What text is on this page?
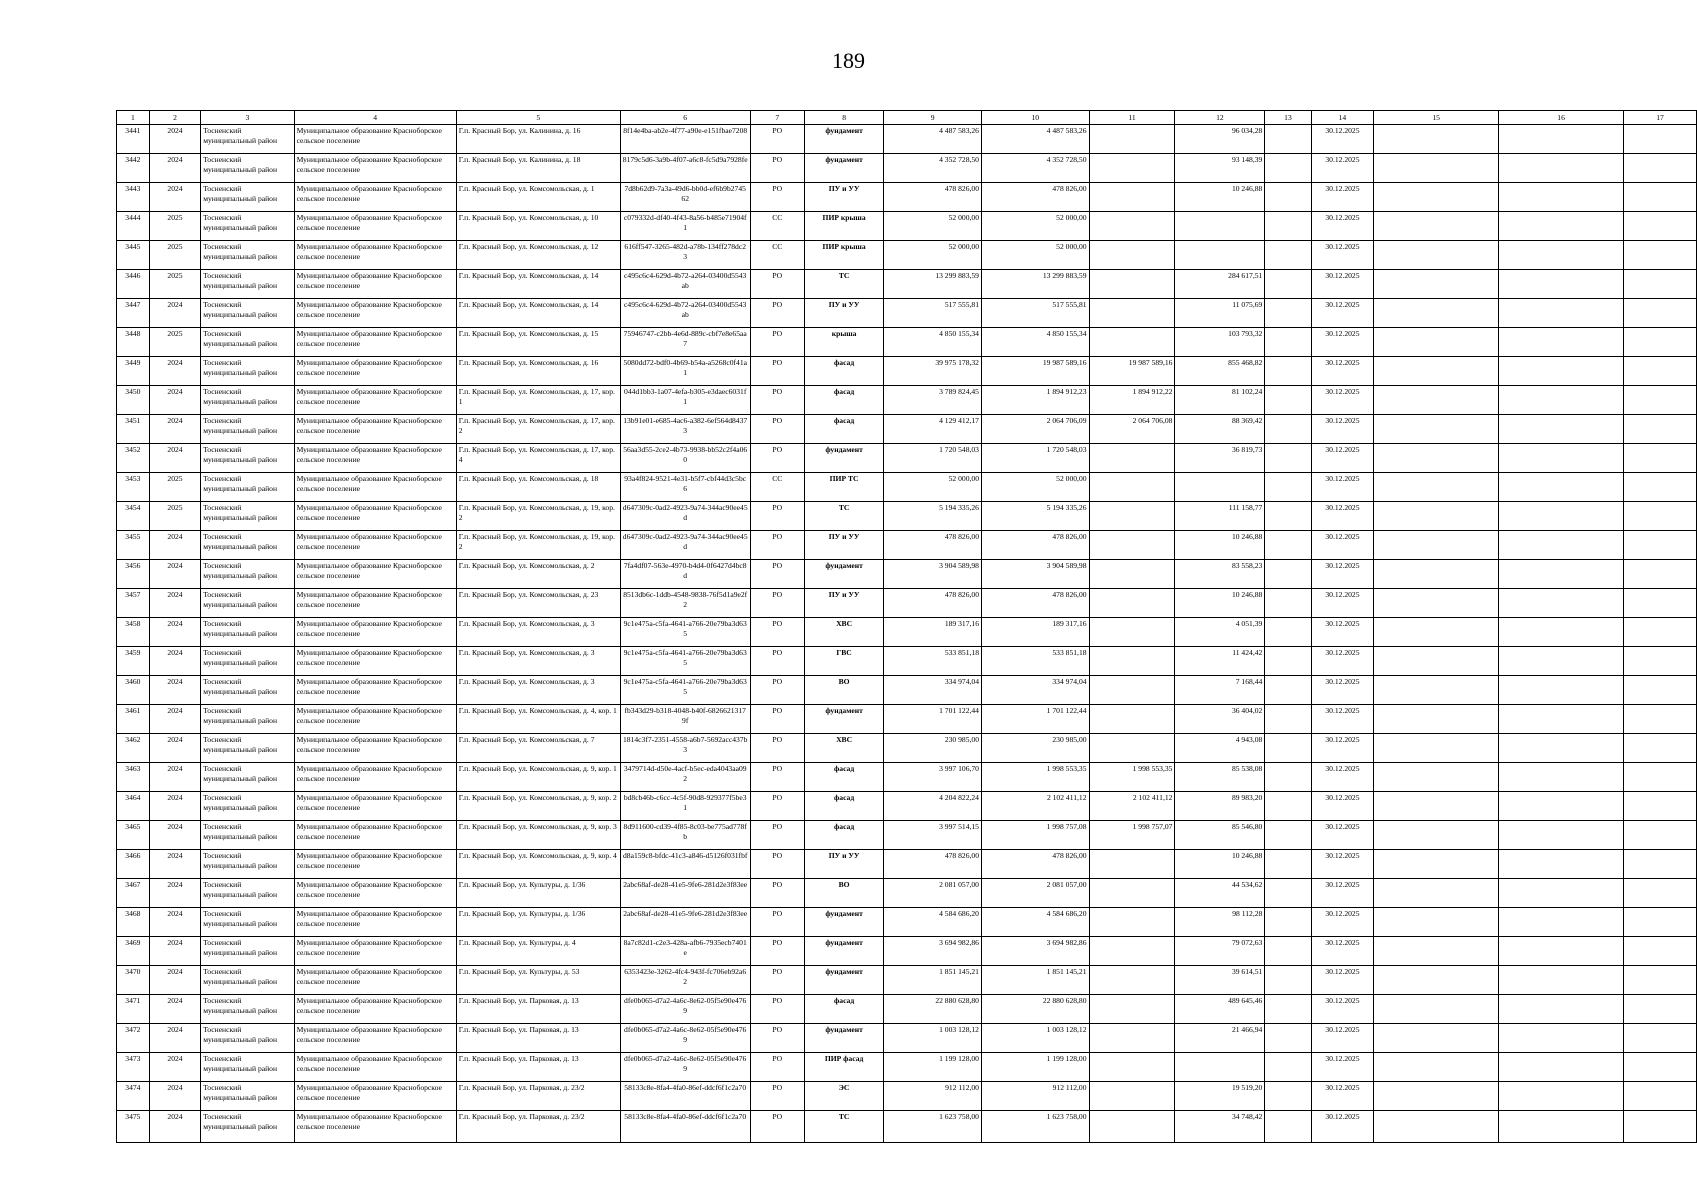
189
1	2	3	4	5	6	7	8	9	10	11	12	13	14	15	16	17
3441	2024	Тосненский муниципальный район	Муниципальное образование Красноборское сельское поселение	Г.п. Красный Бор, ул. Калинина, д. 16	8f14e4ba-ab2e-4f77-a90e-e151fbae7208	РО	фундамент	4 487 583,26	4 487 583,26		96 034,28		30.12.2025			
3442	2024	Тосненский муниципальный район	Муниципальное образование Красноборское сельское поселение	Г.п. Красный Бор, ул. Калинина, д. 18	8179c5d6-3a9b-4f07-a6c8-fc5d9a7928fe	РО	фундамент	4 352 728,50	4 352 728,50		93 148,39		30.12.2025			
3443	2024	Тосненский муниципальный район	Муниципальное образование Красноборское сельское поселение	Г.п. Красный Бор, ул. Комсомольская, д. 1	7d8b62d9-7a3a-49d6-bb0d-ef6b9b274562	РО	ПУ и УУ	478 826,00	478 826,00		10 246,88		30.12.2025			
3444	2025	Тосненский муниципальный район	Муниципальное образование Красноборское сельское поселение	Г.п. Красный Бор, ул. Комсомольская, д. 10	c079332d-df40-4f43-8a56-b485e71904f1	СС	ПИР крыша	52 000,00	52 000,00				30.12.2025			
3445	2025	Тосненский муниципальный район	Муниципальное образование Красноборское сельское поселение	Г.п. Красный Бор, ул. Комсомольская, д. 12	616ff547-3265-482d-a78b-134ff278dc23	СС	ПИР крыша	52 000,00	52 000,00				30.12.2025			
3446	2025	Тосненский муниципальный район	Муниципальное образование Красноборское сельское поселение	Г.п. Красный Бор, ул. Комсомольская, д. 14	c495c6c4-629d-4b72-a264-03400d5543ab	РО	ТС	13 299 883,59	13 299 883,59		284 617,51		30.12.2025			
3447	2024	Тосненский муниципальный район	Муниципальное образование Красноборское сельское поселение	Г.п. Красный Бор, ул. Комсомольская, д. 14	c495c6c4-629d-4b72-a264-03400d5543ab	РО	ПУ и УУ	517 555,81	517 555,81		11 075,69		30.12.2025			
3448	2025	Тосненский муниципальный район	Муниципальное образование Красноборское сельское поселение	Г.п. Красный Бор, ул. Комсомольская, д. 15	75946747-c2bb-4e6d-889c-cbf7e8e65aa7	РО	крыша	4 850 155,34	4 850 155,34		103 793,32		30.12.2025			
3449	2024	Тосненский муниципальный район	Муниципальное образование Красноборское сельское поселение	Г.п. Красный Бор, ул. Комсомольская, д. 16	5080dd72-bdf0-4b69-b54a-a5268c0f41a1	РО	фасад	39 975 178,32	19 987 589,16	19 987 589,16	855 468,82		30.12.2025			
3450	2024	Тосненский муниципальный район	Муниципальное образование Красноборское сельское поселение	Г.п. Красный Бор, ул. Комсомольская, д. 17, кор. 1	044d1bb3-1a07-4efa-b305-e3daec6031f1	РО	фасад	3 789 824,45	1 894 912,23	1 894 912,22	81 102,24		30.12.2025			
3451	2024	Тосненский муниципальный район	Муниципальное образование Красноборское сельское поселение	Г.п. Красный Бор, ул. Комсомольская, д. 17, кор. 2	13b91e01-e685-4ac6-a382-6ef564d84373	РО	фасад	4 129 412,17	2 064 706,09	2 064 706,08	88 369,42		30.12.2025			
3452	2024	Тосненский муниципальный район	Муниципальное образование Красноборское сельское поселение	Г.п. Красный Бор, ул. Комсомольская, д. 17, кор. 4	56aa3d55-2ce2-4b73-9938-bb52c2f4a060	РО	фундамент	1 720 548,03	1 720 548,03		36 819,73		30.12.2025			
3453	2025	Тосненский муниципальный район	Муниципальное образование Красноборское сельское поселение	Г.п. Красный Бор, ул. Комсомольская, д. 18	93a4f824-9521-4e31-b5f7-cbf44d3c5bc6	СС	ПИР ТС	52 000,00	52 000,00				30.12.2025			
3454	2025	Тосненский муниципальный район	Муниципальное образование Красноборское сельское поселение	Г.п. Красный Бор, ул. Комсомольская, д. 19, кор. 2	d647309c-0ad2-4923-9a74-344ac90ee45d	РО	ТС	5 194 335,26	5 194 335,26		111 158,77		30.12.2025			
3455	2024	Тосненский муниципальный район	Муниципальное образование Красноборское сельское поселение	Г.п. Красный Бор, ул. Комсомольская, д. 19, кор. 2	d647309c-0ad2-4923-9a74-344ac90ee45d	РО	ПУ и УУ	478 826,00	478 826,00		10 246,88		30.12.2025			
3456	2024	Тосненский муниципальный район	Муниципальное образование Красноборское сельское поселение	Г.п. Красный Бор, ул. Комсомольская, д. 2	7fa4df07-563e-4970-b4d4-0f6427d4bc8d	РО	фундамент	3 904 589,98	3 904 589,98		83 558,23		30.12.2025			
3457	2024	Тосненский муниципальный район	Муниципальное образование Красноборское сельское поселение	Г.п. Красный Бор, ул. Комсомольская, д. 23	8513db6c-1ddb-4548-9838-76f5d1a9e2f2	РО	ПУ и УУ	478 826,00	478 826,00		10 246,88		30.12.2025			
3458	2024	Тосненский муниципальный район	Муниципальное образование Красноборское сельское поселение	Г.п. Красный Бор, ул. Комсомольская, д. 3	9c1e475a-c5fa-4641-a766-20e79ba3d635	РО	ХВС	189 317,16	189 317,16		4 051,39		30.12.2025			
3459	2024	Тосненский муниципальный район	Муниципальное образование Красноборское сельское поселение	Г.п. Красный Бор, ул. Комсомольская, д. 3	9c1e475a-c5fa-4641-a766-20e79ba3d635	РО	ГВС	533 851,18	533 851,18		11 424,42		30.12.2025			
3460	2024	Тосненский муниципальный район	Муниципальное образование Красноборское сельское поселение	Г.п. Красный Бор, ул. Комсомольская, д. 3	9c1e475a-c5fa-4641-a766-20e79ba3d635	РО	ВО	334 974,04	334 974,04		7 168,44		30.12.2025			
3461	2024	Тосненский муниципальный район	Муниципальное образование Красноборское сельское поселение	Г.п. Красный Бор, ул. Комсомольская, д. 4, кор. 1	fb343d29-b318-4048-b40f-68266213179f	РО	фундамент	1 701 122,44	1 701 122,44		36 404,02		30.12.2025			
3462	2024	Тосненский муниципальный район	Муниципальное образование Красноборское сельское поселение	Г.п. Красный Бор, ул. Комсомольская, д. 7	1814c3f7-2351-4558-a6b7-5692acc437b3	РО	ХВС	230 985,00	230 985,00		4 943,08		30.12.2025			
3463	2024	Тосненский муниципальный район	Муниципальное образование Красноборское сельское поселение	Г.п. Красный Бор, ул. Комсомольская, д. 9, кор. 1	3479714d-d50e-4acf-b5ec-eda4043aa092	РО	фасад	3 997 106,70	1 998 553,35	1 998 553,35	85 538,08		30.12.2025			
3464	2024	Тосненский муниципальный район	Муниципальное образование Красноборское сельское поселение	Г.п. Красный Бор, ул. Комсомольская, д. 9, кор. 2	bd8cb46b-c6cc-4c5f-90d8-929377f5be31	РО	фасад	4 204 822,24	2 102 411,12	2 102 411,12	89 983,20		30.12.2025			
3465	2024	Тосненский муниципальный район	Муниципальное образование Красноборское сельское поселение	Г.п. Красный Бор, ул. Комсомольская, д. 9, кор. 3	8d911600-cd39-4f85-8c03-be775ad778fb	РО	фасад	3 997 514,15	1 998 757,08	1 998 757,07	85 546,80		30.12.2025			
3466	2024	Тосненский муниципальный район	Муниципальное образование Красноборское сельское поселение	Г.п. Красный Бор, ул. Комсомольская, д. 9, кор. 4	d8a159c8-bfdc-41c3-a846-d5126f031fbf	РО	ПУ и УУ	478 826,00	478 826,00		10 246,88		30.12.2025			
3467	2024	Тосненский муниципальный район	Муниципальное образование Красноборское сельское поселение	Г.п. Красный Бор, ул. Культуры, д. 1/36	2abc68af-de28-41e5-9fe6-281d2e3f83ee	РО	ВО	2 081 057,00	2 081 057,00		44 534,62		30.12.2025			
3468	2024	Тосненский муниципальный район	Муниципальное образование Красноборское сельское поселение	Г.п. Красный Бор, ул. Культуры, д. 1/36	2abc68af-de28-41e5-9fe6-281d2e3f83ee	РО	фундамент	4 584 686,20	4 584 686,20		98 112,28		30.12.2025			
3469	2024	Тосненский муниципальный район	Муниципальное образование Красноборское сельское поселение	Г.п. Красный Бор, ул. Культуры, д. 4	8a7c82d1-c2e3-428a-afb6-7935ecb7401e	РО	фундамент	3 694 982,86	3 694 982,86		79 072,63		30.12.2025			
3470	2024	Тосненский муниципальный район	Муниципальное образование Красноборское сельское поселение	Г.п. Красный Бор, ул. Культуры, д. 53	6353423e-3262-4fc4-943f-fc706eb92a62	РО	фундамент	1 851 145,21	1 851 145,21		39 614,51		30.12.2025			
3471	2024	Тосненский муниципальный район	Муниципальное образование Красноборское сельское поселение	Г.п. Красный Бор, ул. Парковая, д. 13	dfe0b065-d7a2-4a6c-8e62-05f5e90e4769	РО	фасад	22 880 628,80	22 880 628,80		489 645,46		30.12.2025			
3472	2024	Тосненский муниципальный район	Муниципальное образование Красноборское сельское поселение	Г.п. Красный Бор, ул. Парковая, д. 13	dfe0b065-d7a2-4a6c-8e62-05f5e90e4769	РО	фундамент	1 003 128,12	1 003 128,12		21 466,94		30.12.2025			
3473	2024	Тосненский муниципальный район	Муниципальное образование Красноборское сельское поселение	Г.п. Красный Бор, ул. Парковая, д. 13	dfe0b065-d7a2-4a6c-8e62-05f5e90e4769	РО	ПИР фасад	1 199 128,00	1 199 128,00				30.12.2025			
3474	2024	Тосненский муниципальный район	Муниципальное образование Красноборское сельское поселение	Г.п. Красный Бор, ул. Парковая, д. 23/2	58133c8e-8fa4-4fa0-86ef-ddcf6f1c2a70	РО	ЭС	912 112,00	912 112,00		19 519,20		30.12.2025			
3475	2024	Тосненский муниципальный район	Муниципальное образование Красноборское сельское поселение	Г.п. Красный Бор, ул. Парковая, д. 23/2	58133c8e-8fa4-4fa0-86ef-ddcf6f1c2a70	РО	ТС	1 623 758,00	1 623 758,00		34 748,42		30.12.2025			
